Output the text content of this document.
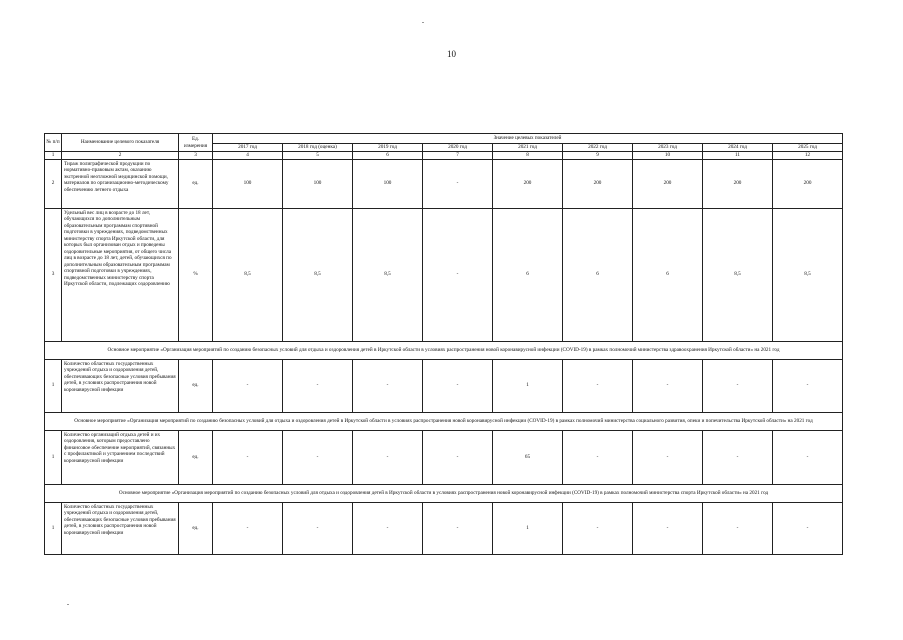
10
№ п/п	Наименование целевого показателя	Ед. измерения	Значение целевых показателей								
			2017 год	2018 год (оценка)	2019 год	2020 год	2021 год	2022 год	2023 год	2024 год	2025 год
1	2	3	4	5	6	7	8	9	10	11	12
2	Тираж полиграфической продукции по нормативно-правовым актам, оказанию экстренной неотложной медицинской помощи, материалов по организационно-методическому обеспечению летнего отдыха	ед.	100	100	100	-	200	200	200	200	200
3	Удельный вес лиц в возрасте до 18 лет, обучающихся по дополнительным образовательным программам спортивной подготовки в учреждениях, подведомственных министерству спорта Иркутской области, для которых был организован отдых и проведены оздоровительные мероприятия, от общего числа лиц в возрасте до 18 лет, детей, обучающихся по дополнительным образовательным программам спортивной подготовки в учреждениях, подведомственных министерству спорта Иркутской области, подлежащих оздоровлению	%	8,5	8,5	8,5	-	6	6	6	8,5	8,5
Основное мероприятие «Организация мероприятий по созданию безопасных условий для отдыха и оздоровления детей в Иркутской области в условиях распространения новой коронавирусной инфекции (COVID-19) в рамках полномочий министерства здравоохранения Иркутской области» на 2021 год											
1	Количество областных государственных учреждений отдыха и оздоровления детей, обеспечивающих безопасные условия пребывания детей, в условиях распространения новой коронавирусной инфекции	ед.	-	-	-	-	1	-	-	-	-
Основное мероприятие «Организация мероприятий по созданию безопасных условий для отдыха и оздоровления детей в Иркутской области в условиях распространения новой коронавирусной инфекции (COVID-19) в рамках полномочий министерства социального развития, опеки и попечительства Иркутской области» на 2021 год											
1	Количество организаций отдыха детей и их оздоровления, которым предоставлено финансовое обеспечение мероприятий, связанных с профилактикой и устранением последствий коронавирусной инфекции	ед.	-	-	-	-	65	-	-	-	-
Основное мероприятие «Организация мероприятий по созданию безопасных условий для отдыха и оздоровления детей в Иркутской области в условиях распространения новой коронавирусной инфекции (COVID-19) в рамках полномочий министерства спорта Иркутской области» на 2021 год											
1	Количество областных государственных учреждений отдыха и оздоровления детей, обеспечивающих безопасные условия пребывания детей, в условиях распространения новой коронавирусной инфекции	ед.	-	-	-	-	1	-	-	-	-
